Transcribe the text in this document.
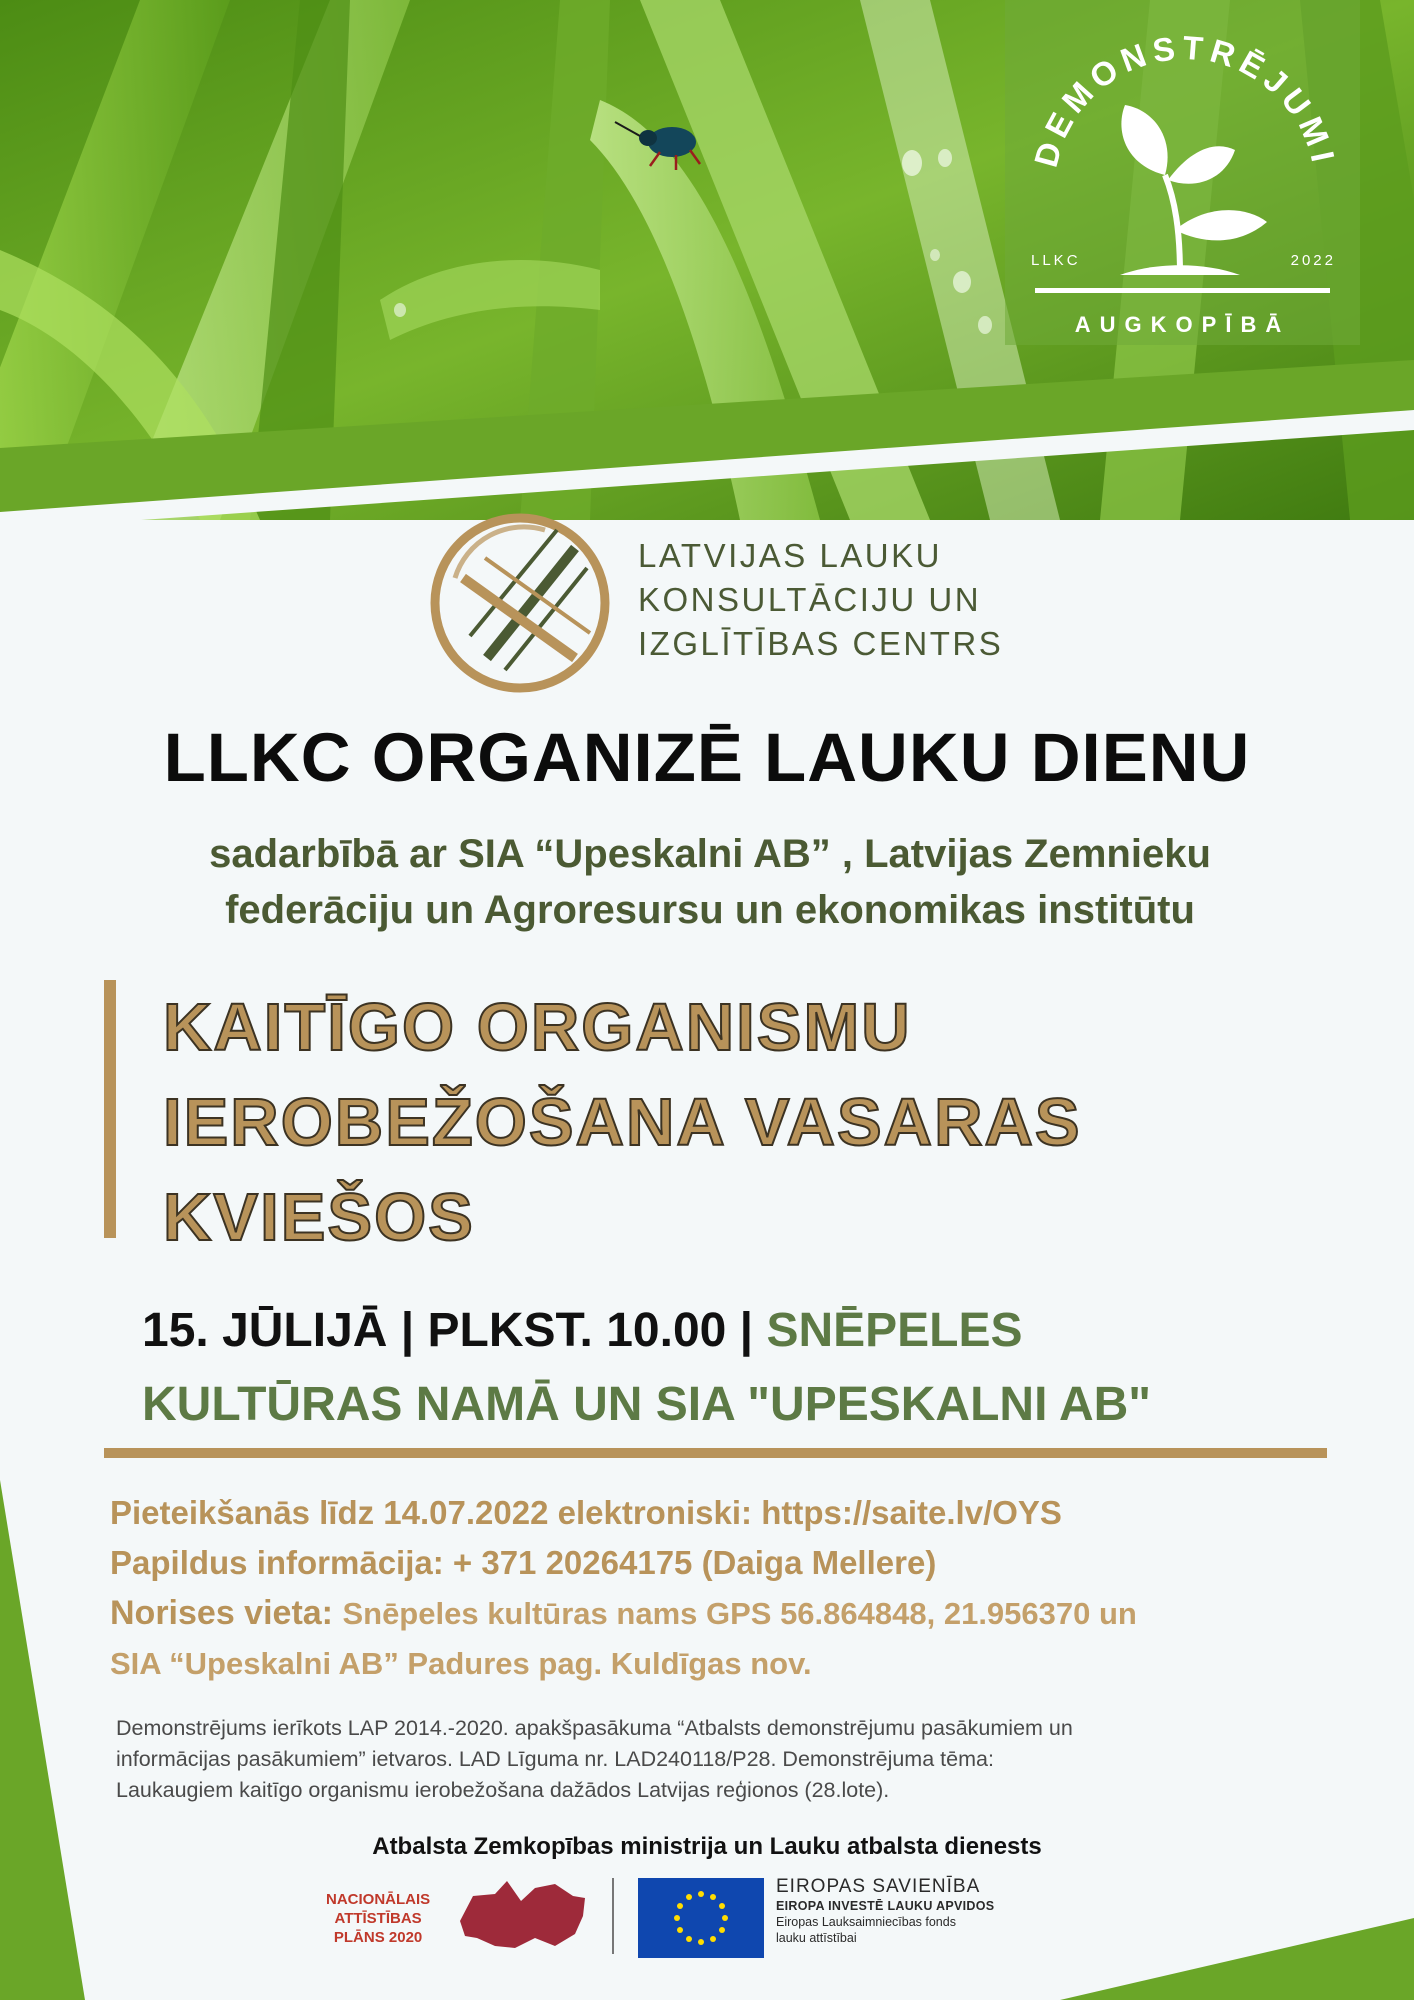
DEMONSTRĒJUMI
LLKC	2022
AUGKOPĪBĀ
LATVIJAS LAUKU
KONSULTĀCIJU UN
IZGLĪTĪBAS CENTRS
LLKC ORGANIZĒ LAUKU DIENU
sadarbībā ar SIA “Upeskalni AB” , Latvijas Zemnieku
federāciju un Agroresursu un ekonomikas institūtu
KAITĪGO ORGANISMU
IEROBEŽOŠANA VASARAS
KVIEŠOS
15. JŪLIJĀ | PLKST. 10.00 | SNĒPELES
KULTŪRAS NAMĀ UN SIA "UPESKALNI AB"
Pieteikšanās līdz 14.07.2022 elektroniski: https://saite.lv/OYS
Papildus informācija: + 371 20264175 (Daiga Mellere)
Norises vieta: Snēpeles kultūras nams GPS 56.864848, 21.956370 un
SIA “Upeskalni AB” Padures pag. Kuldīgas nov.
Demonstrējums ierīkots LAP 2014.-2020. apakšpasākuma “Atbalsts demonstrējumu pasākumiem un
informācijas pasākumiem” ietvaros. LAD Līguma nr. LAD240118/P28. Demonstrējuma tēma:
Laukaugiem kaitīgo organismu ierobežošana dažādos Latvijas reģionos (28.lote).
Atbalsta Zemkopības ministrija un Lauku atbalsta dienests
NACIONĀLAIS
ATTĪSTĪBAS
PLĀNS 2020
EIROPAS SAVIENĪBA
EIROPA INVESTĒ LAUKU APVIDOS
Eiropas Lauksaimniecības fonds
lauku attīstībai
